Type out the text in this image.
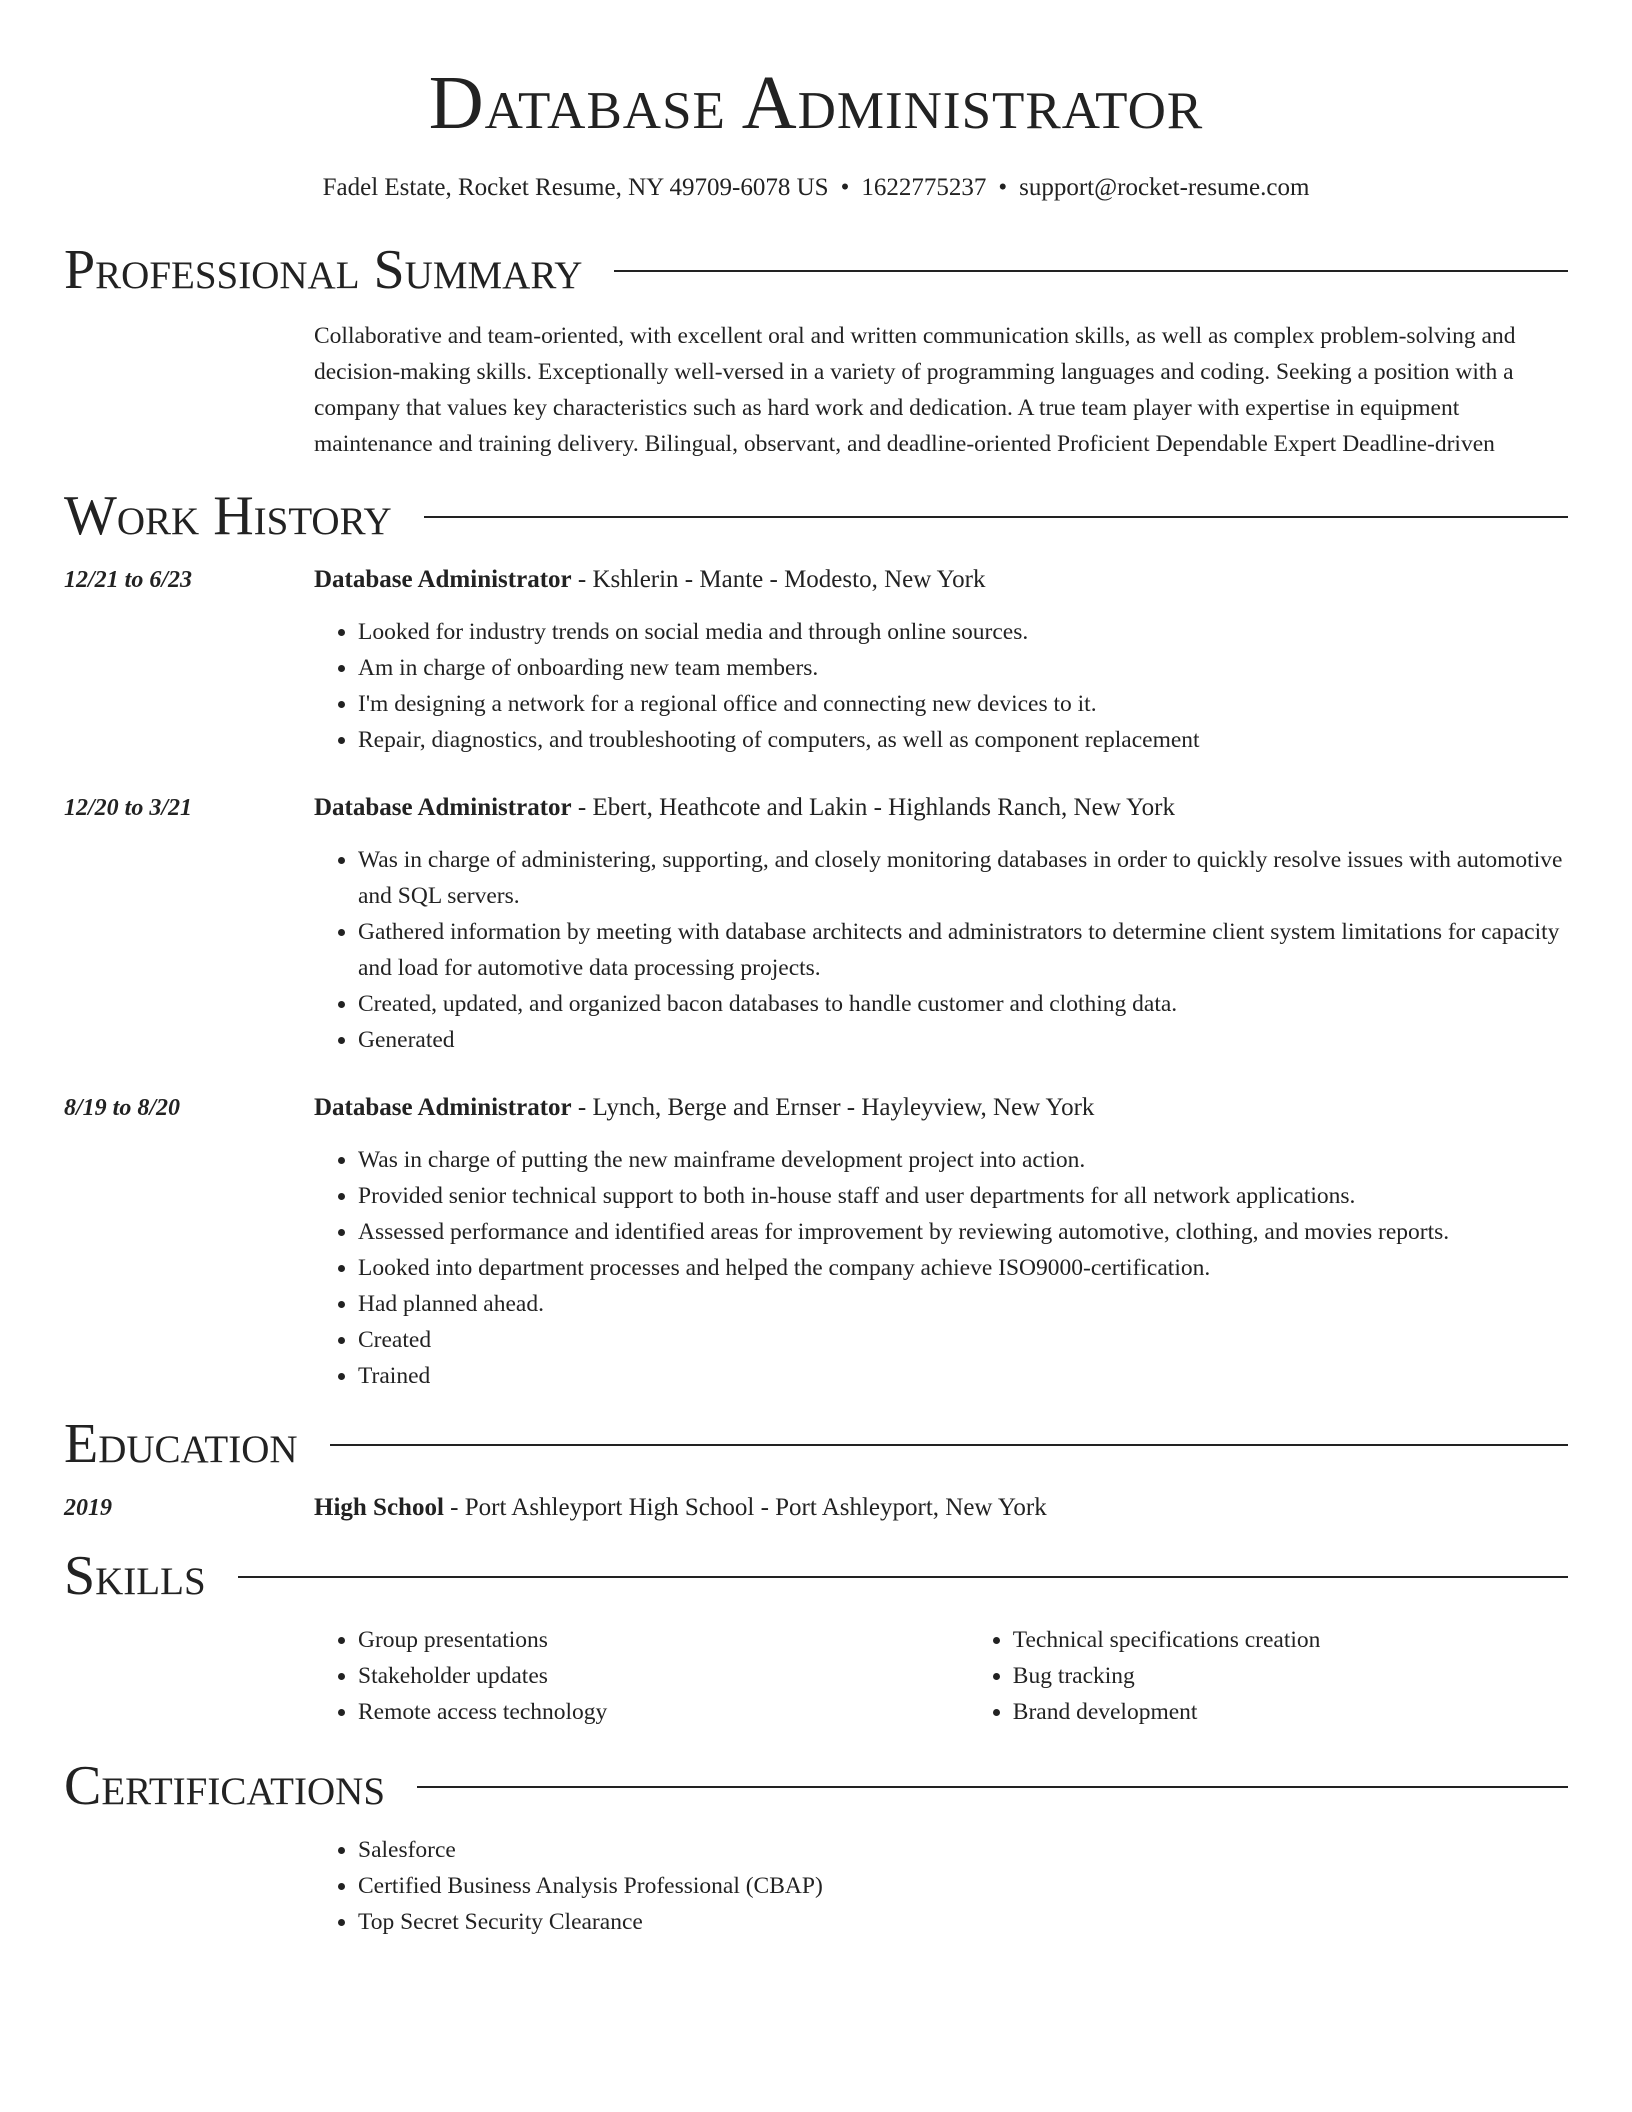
Database Administrator
Fadel Estate, Rocket Resume, NY 49709-6078 US • 1622775237 • support@rocket-resume.com
Professional Summary
Collaborative and team-oriented, with excellent oral and written communication skills, as well as complex problem-solving and decision-making skills. Exceptionally well-versed in a variety of programming languages and coding. Seeking a position with a company that values key characteristics such as hard work and dedication. A true team player with expertise in equipment maintenance and training delivery. Bilingual, observant, and deadline-oriented Proficient Dependable Expert Deadline-driven
Work History
12/21 to 6/23	Database Administrator - Kshlerin - Mante - Modesto, New York
• Looked for industry trends on social media and through online sources.
• Am in charge of onboarding new team members.
• I'm designing a network for a regional office and connecting new devices to it.
• Repair, diagnostics, and troubleshooting of computers, as well as component replacement
12/20 to 3/21	Database Administrator - Ebert, Heathcote and Lakin - Highlands Ranch, New York
• Was in charge of administering, supporting, and closely monitoring databases in order to quickly resolve issues with automotive and SQL servers.
• Gathered information by meeting with database architects and administrators to determine client system limitations for capacity and load for automotive data processing projects.
• Created, updated, and organized bacon databases to handle customer and clothing data.
• Generated
8/19 to 8/20	Database Administrator - Lynch, Berge and Ernser - Hayleyview, New York
• Was in charge of putting the new mainframe development project into action.
• Provided senior technical support to both in-house staff and user departments for all network applications.
• Assessed performance and identified areas for improvement by reviewing automotive, clothing, and movies reports.
• Looked into department processes and helped the company achieve ISO9000-certification.
• Had planned ahead.
• Created
• Trained
Education
2019	High School - Port Ashleyport High School - Port Ashleyport, New York
Skills
• Group presentations
• Stakeholder updates
• Remote access technology
• Technical specifications creation
• Bug tracking
• Brand development
Certifications
• Salesforce
• Certified Business Analysis Professional (CBAP)
• Top Secret Security Clearance
